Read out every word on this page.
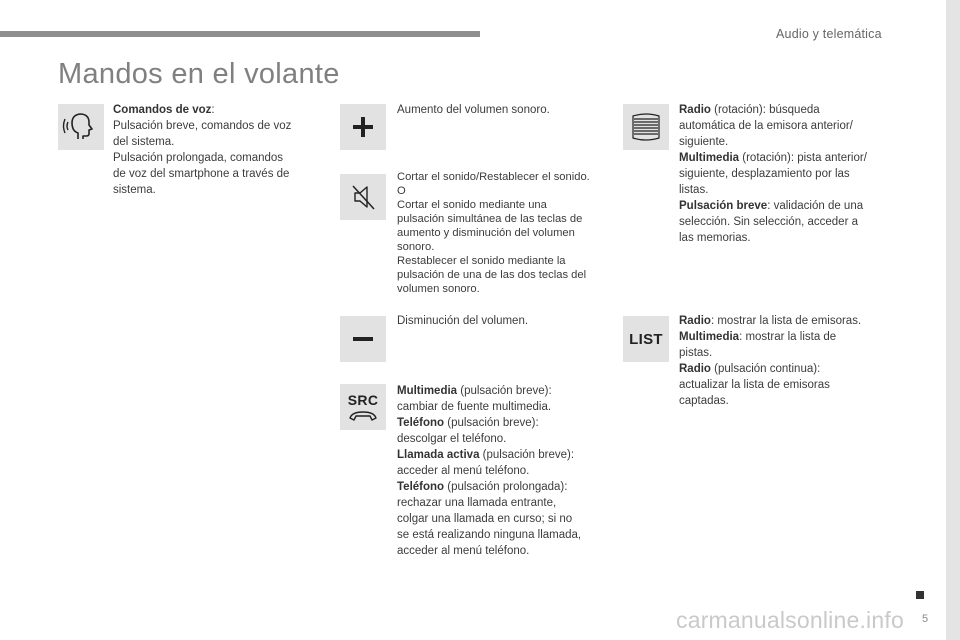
Audio y telemática
Mandos en el volante
Comandos de voz:
Pulsación breve, comandos de voz
del sistema.
Pulsación prolongada, comandos
de voz del smartphone a través de
sistema.
Aumento del volumen sonoro.
Cortar el sonido/Restablecer el sonido.
O
Cortar el sonido mediante una
pulsación simultánea de las teclas de
aumento y disminución del volumen
sonoro.
Restablecer el sonido mediante la
pulsación de una de las dos teclas del
volumen sonoro.
Disminución del volumen.
SRC
Multimedia (pulsación breve):
cambiar de fuente multimedia.
Teléfono (pulsación breve):
descolgar el teléfono.
Llamada activa (pulsación breve):
acceder al menú teléfono.
Teléfono (pulsación prolongada):
rechazar una llamada entrante,
colgar una llamada en curso; si no
se está realizando ninguna llamada,
acceder al menú teléfono.
Radio (rotación): búsqueda
automática de la emisora anterior/
siguiente.
Multimedia (rotación): pista anterior/
siguiente, desplazamiento por las
listas.
Pulsación breve: validación de una
selección. Sin selección, acceder a
las memorias.
LIST
Radio: mostrar la lista de emisoras.
Multimedia: mostrar la lista de
pistas.
Radio (pulsación continua):
actualizar la lista de emisoras
captadas.
5
carmanualsonline.info
